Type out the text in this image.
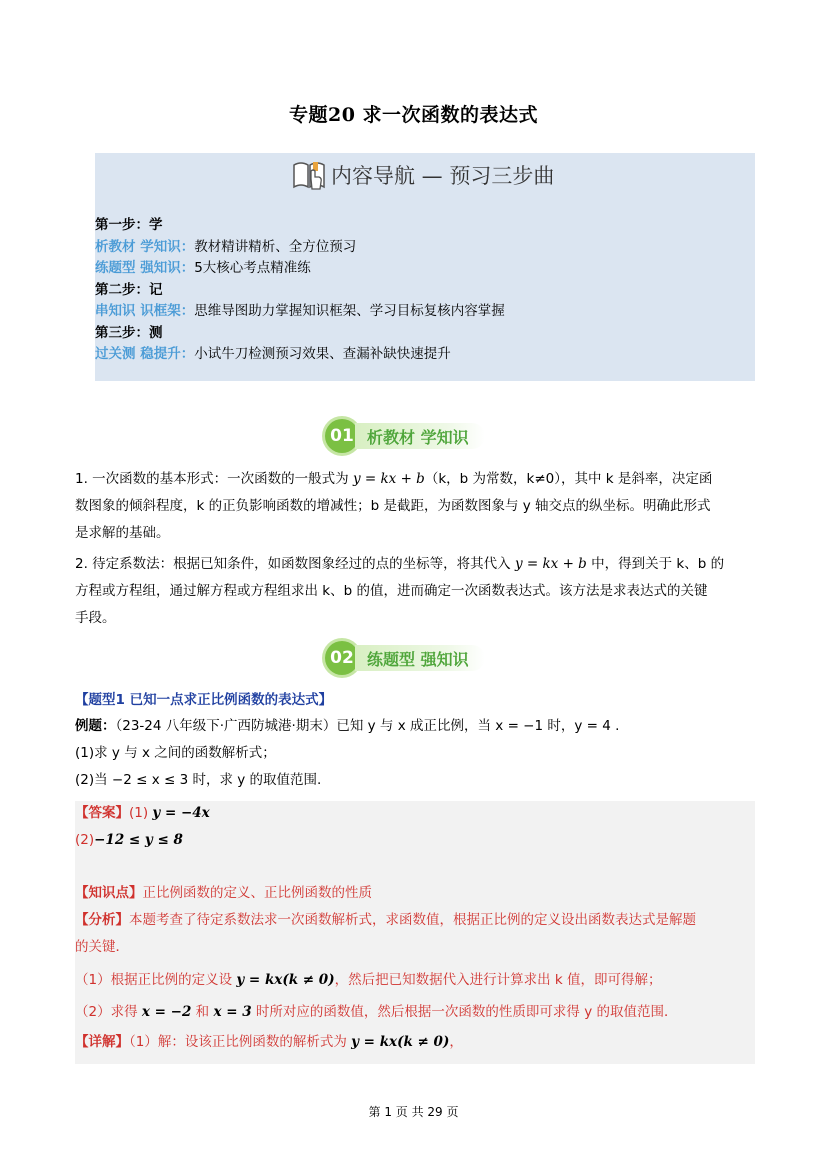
专题20 求一次函数的表达式
内容导航 — 预习三步曲
第一步：学
析教材 学知识：教材精讲精析、全方位预习
练题型 强知识：5大核心考点精准练
第二步：记
串知识 识框架：思维导图助力掌握知识框架、学习目标复核内容掌握
第三步：测
过关测 稳提升：小试牛刀检测预习效果、查漏补缺快速提升
01 析教材 学知识
1. 一次函数的基本形式：一次函数的一般式为 y = kx + b（k，b 为常数，k≠0），其中 k 是斜率，决定函
数图象的倾斜程度，k 的正负影响函数的增减性；b 是截距，为函数图象与 y 轴交点的纵坐标。明确此形式
是求解的基础。
2. 待定系数法：根据已知条件，如函数图象经过的点的坐标等，将其代入 y = kx + b 中，得到关于 k、b 的
方程或方程组，通过解方程或方程组求出 k、b 的值，进而确定一次函数表达式。该方法是求表达式的关键
手段。
02 练题型 强知识
【题型1 已知一点求正比例函数的表达式】
例题：（23-24 八年级下·广西防城港·期末）已知 y 与 x 成正比例，当 x = −1 时，y = 4 .
(1)求 y 与 x 之间的函数解析式；
(2)当 −2 ≤ x ≤ 3 时，求 y 的取值范围.
【答案】(1) y = −4x
(2)−12 ≤ y ≤ 8
【知识点】正比例函数的定义、正比例函数的性质
【分析】本题考查了待定系数法求一次函数解析式，求函数值，根据正比例的定义设出函数表达式是解题
的关键．
（1）根据正比例的定义设 y = kx(k ≠ 0)，然后把已知数据代入进行计算求出 k 值，即可得解；
（2）求得 x = −2 和 x = 3 时所对应的函数值，然后根据一次函数的性质即可求得 y 的取值范围．
【详解】（1）解：设该正比例函数的解析式为 y = kx(k ≠ 0)，
第 1 页 共 29 页
